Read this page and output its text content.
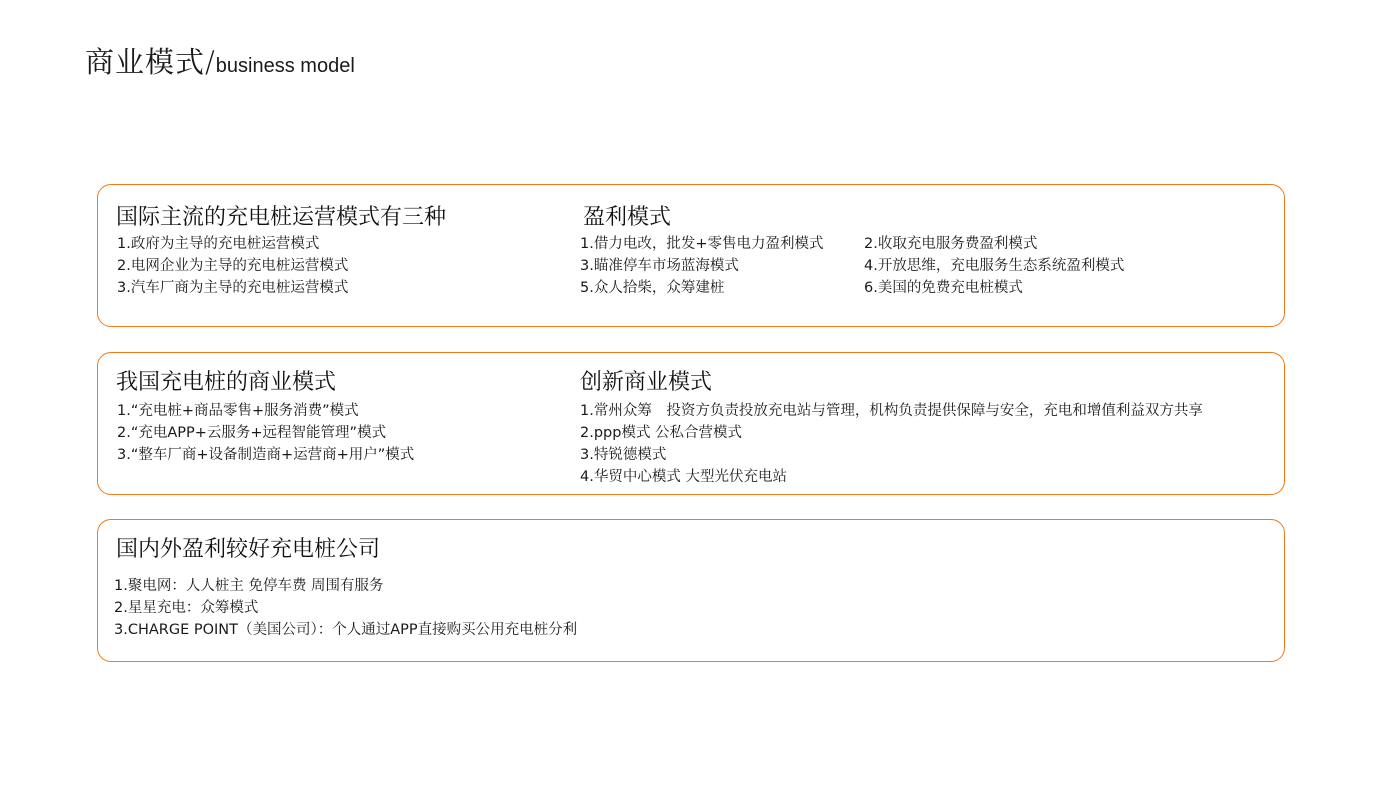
商业模式/business model
国际主流的充电桩运营模式有三种
1.政府为主导的充电桩运营模式
2.电网企业为主导的充电桩运营模式
3.汽车厂商为主导的充电桩运营模式
盈利模式
1.借力电改，批发+零售电力盈利模式
3.瞄准停车市场蓝海模式
5.众人拾柴，众筹建桩
2.收取充电服务费盈利模式
4.开放思维，充电服务生态系统盈利模式
6.美国的免费充电桩模式
我国充电桩的商业模式
1.“充电桩+商品零售+服务消费”模式
2.“充电APP+云服务+远程智能管理”模式
3.“整车厂商+设备制造商+运营商+用户”模式
创新商业模式
1.常州众筹　投资方负责投放充电站与管理，机构负责提供保障与安全，充电和增值利益双方共享
2.ppp模式 公私合营模式
3.特锐德模式
4.华贸中心模式 大型光伏充电站
国内外盈利较好充电桩公司
1.聚电网：人人桩主 免停车费 周围有服务
2.星星充电：众筹模式
3.CHARGE POINT（美国公司）：个人通过APP直接购买公用充电桩分利
